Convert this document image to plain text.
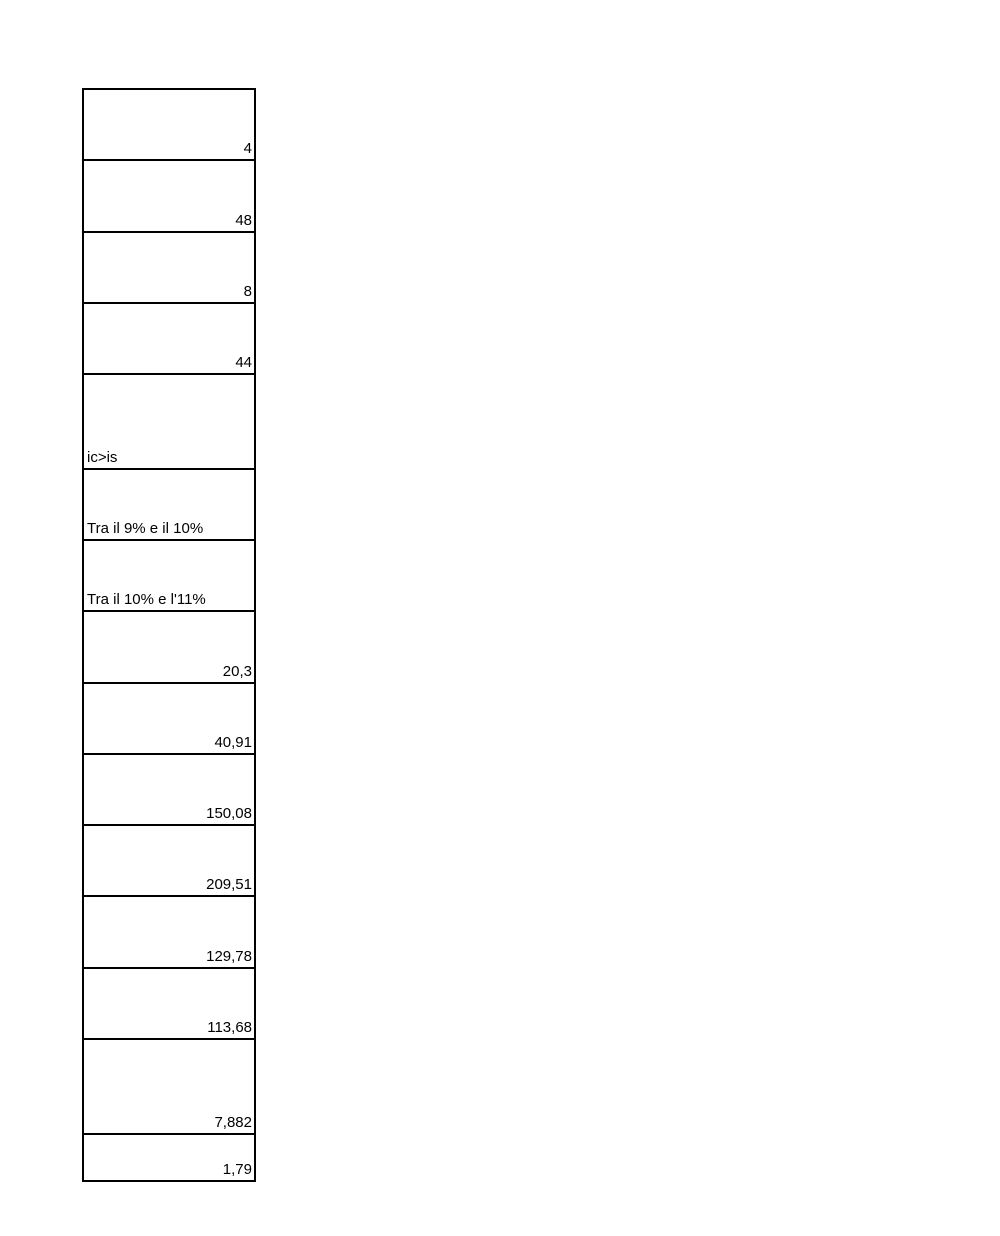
4
48
8
44
ic>is
Tra il 9% e il 10%
Tra il 10% e l'11%
20,3
40,91
150,08
209,51
129,78
113,68
7,882
1,79
